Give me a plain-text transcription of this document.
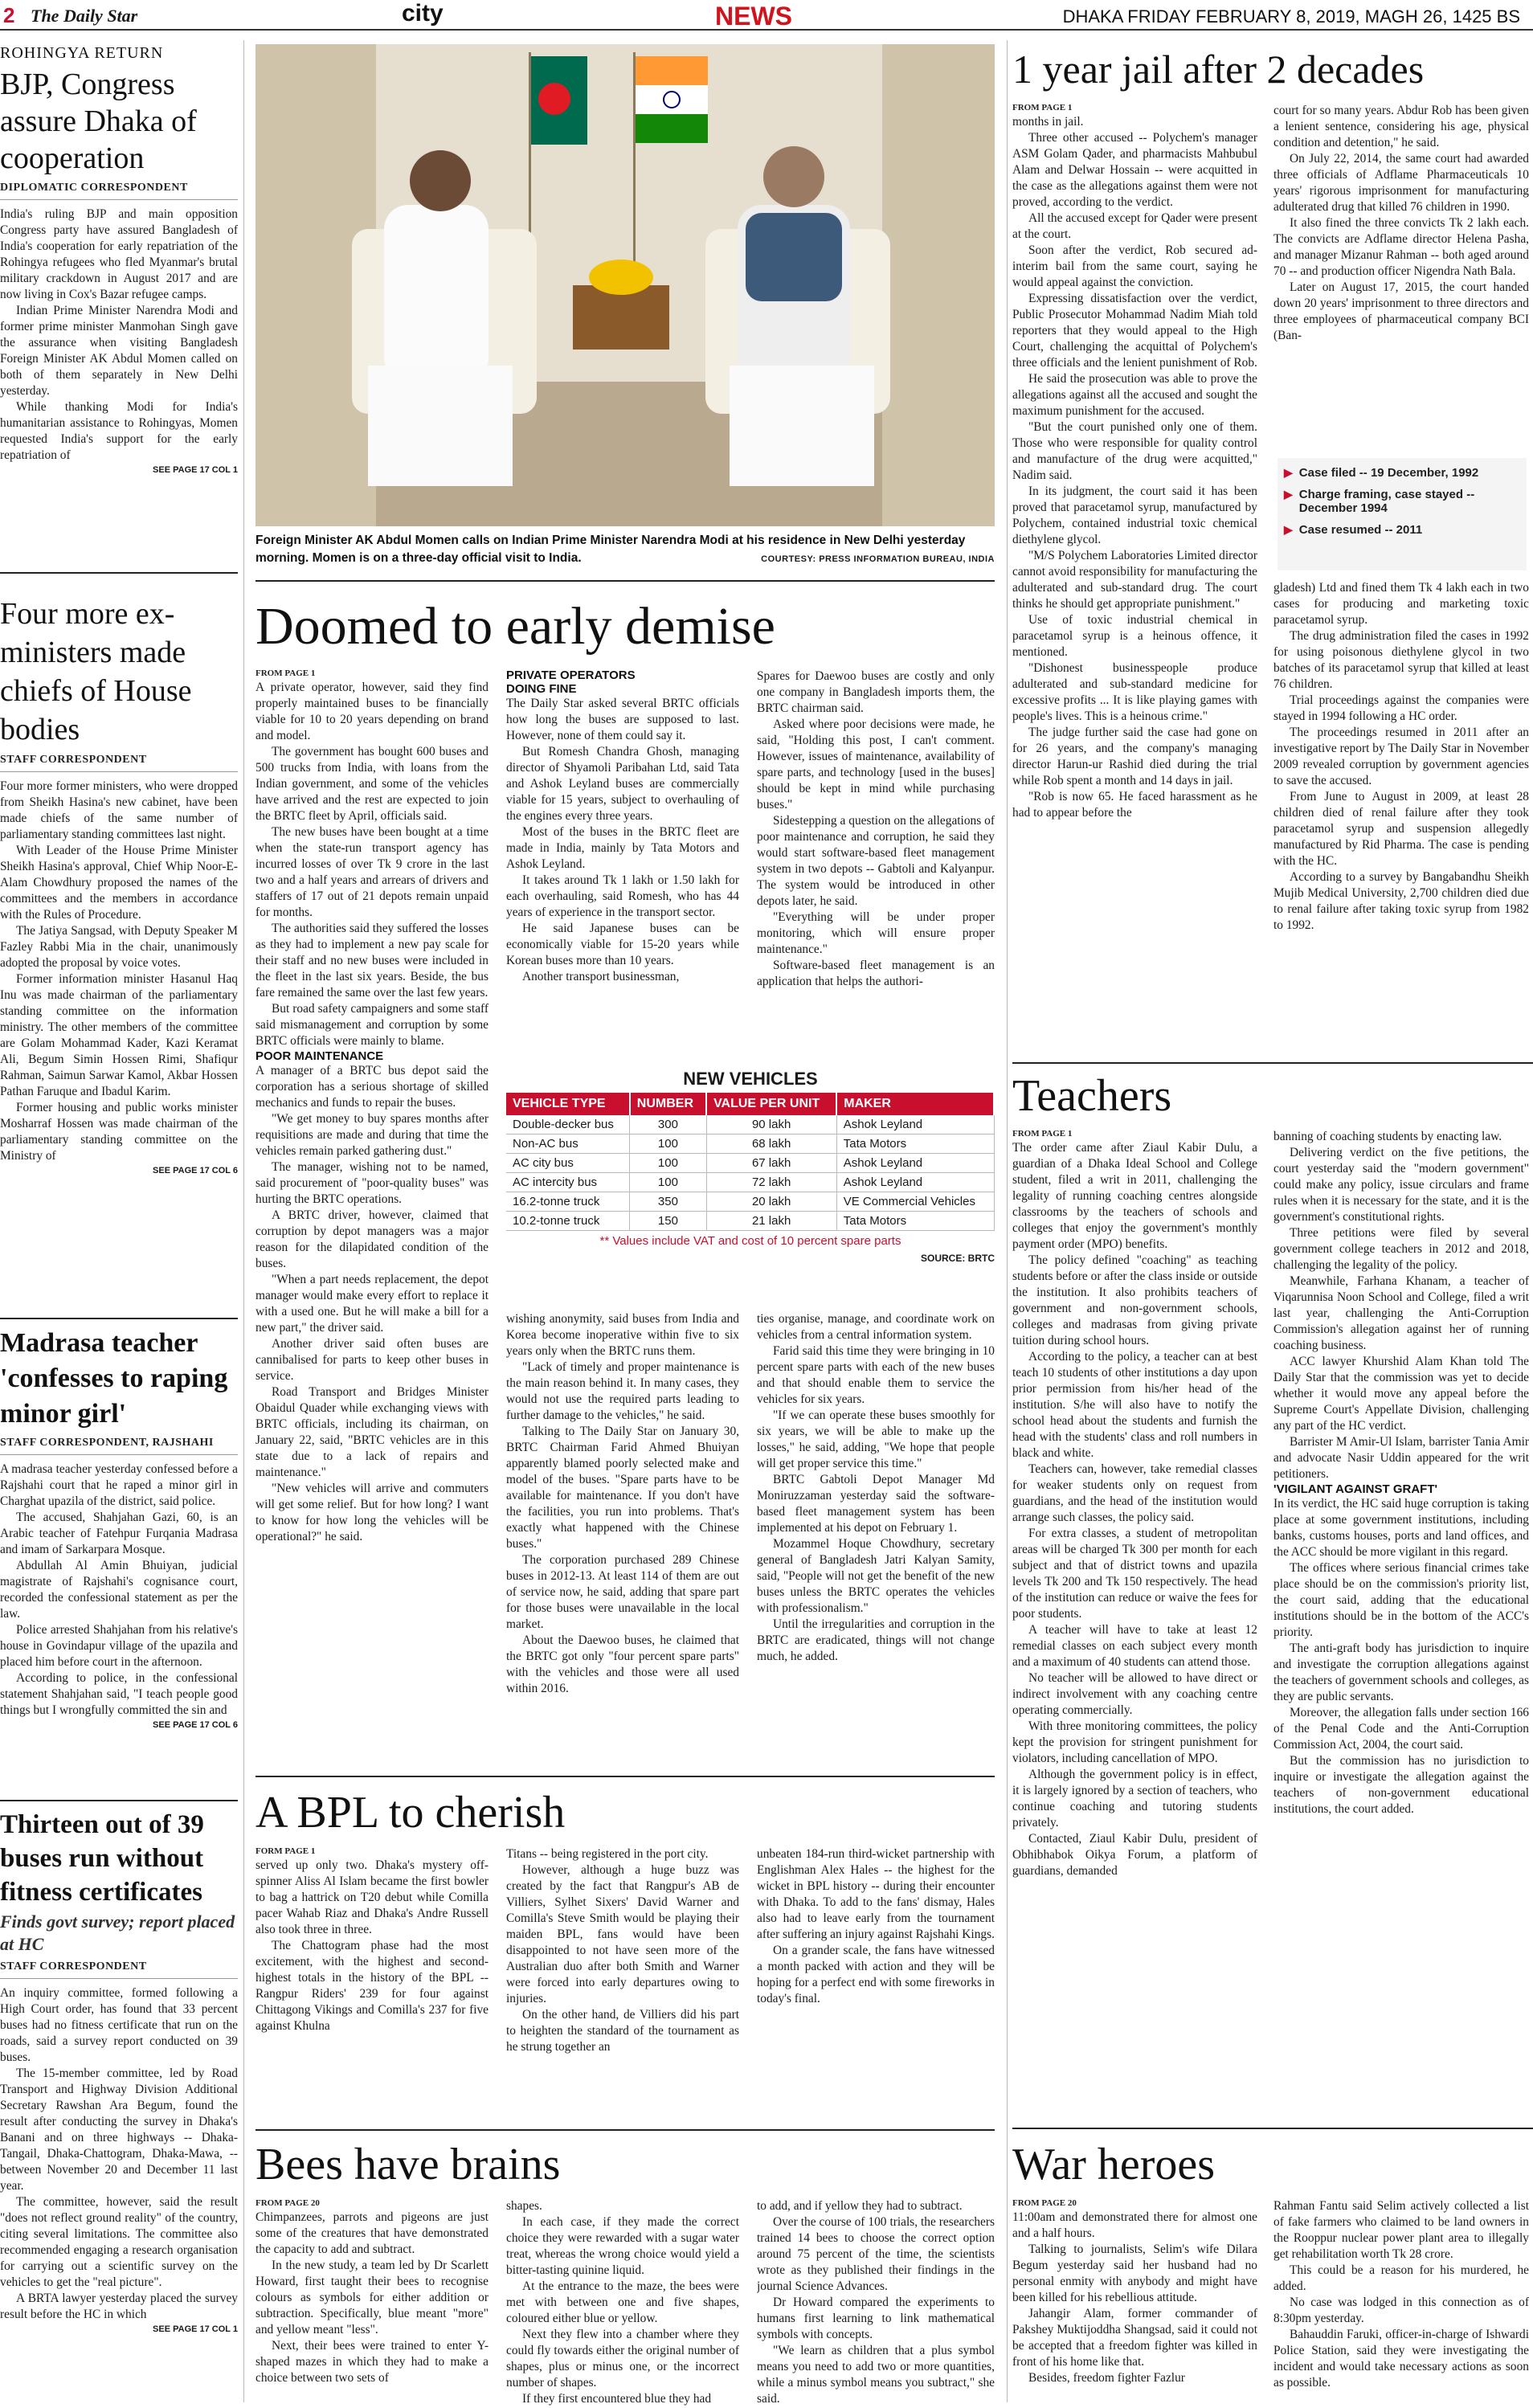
2 The Daily Star	city	NEWS	DHAKA FRIDAY FEBRUARY 8, 2019, MAGH 26, 1425 BS
ROHINGYA RETURN
BJP, Congress assure Dhaka of cooperation
DIPLOMATIC CORRESPONDENT

India's ruling BJP and main opposition Congress party have assured Bangladesh of India's cooperation for early repatriation of the Rohingya refugees who fled Myanmar's brutal military crackdown in August 2017 and are now living in Cox's Bazar refugee camps.

Indian Prime Minister Narendra Modi and former prime minister Manmohan Singh gave the assurance when visiting Bangladesh Foreign Minister AK Abdul Momen called on both of them separately in New Delhi yesterday.

While thanking Modi for India's humanitarian assistance to Rohingyas, Momen requested India's support for the early repatriation of

SEE PAGE 17 COL 1
Foreign Minister AK Abdul Momen calls on Indian Prime Minister Narendra Modi at his residence in New Delhi yesterday morning. Momen is on a three-day official visit to India.	COURTESY: PRESS INFORMATION BUREAU, INDIA
1 year jail after 2 decades
FROM PAGE 1

months in jail.

Three other accused -- Polychem's manager ASM Golam Qader, and pharmacists Mahbubul Alam and Delwar Hossain -- were acquitted in the case as the allegations against them were not proved, according to the verdict.

All the accused except for Qader were present at the court.

Soon after the verdict, Rob secured ad-interim bail from the same court, saying he would appeal against the conviction.

Expressing dissatisfaction over the verdict, Public Prosecutor Mohammad Nadim Miah told reporters that they would appeal to the High Court, challenging the acquittal of Polychem's three officials and the lenient punishment of Rob.

He said the prosecution was able to prove the allegations against all the accused and sought the maximum punishment for the accused.

"But the court punished only one of them. Those who were responsible for quality control and manufacture of the drug were acquitted," Nadim said.

In its judgment, the court said it has been proved that paracetamol syrup, manufactured by Polychem, contained industrial toxic chemical diethylene glycol.

"M/S Polychem Laboratories Limited director cannot avoid responsibility for manufacturing the adulterated and sub-standard drug. The court thinks he should get appropriate punishment."

Use of toxic industrial chemical in paracetamol syrup is a heinous offence, it mentioned.

"Dishonest businesspeople produce adulterated and sub-standard medicine for excessive profits ... It is like playing games with people's lives. This is a heinous crime."

The judge further said the case had gone on for 26 years, and the company's managing director Harun-ur Rashid died during the trial while Rob spent a month and 14 days in jail.

"Rob is now 65. He faced harassment as he had to appear before the

court for so many years. Abdur Rob has been given a lenient sentence, considering his age, physical condition and detention," he said.

On July 22, 2014, the same court had awarded three officials of Adflame Pharmaceuticals 10 years' rigorous imprisonment for manufacturing adulterated drug that killed 76 children in 1990.

It also fined the three convicts Tk 2 lakh each. The convicts are Adflame director Helena Pasha, and manager Mizanur Rahman -- both aged around 70 -- and production officer Nigendra Nath Bala.

Later on August 17, 2015, the court handed down 20 years' imprisonment to three directors and three employees of pharmaceutical company BCI (Ban-

▶ Case filed -- 19 December, 1992
▶ Charge framing, case stayed -- December 1994
▶ Case resumed -- 2011

gladesh) Ltd and fined them Tk 4 lakh each in two cases for producing and marketing toxic paracetamol syrup.

The drug administration filed the cases in 1992 for using poisonous diethylene glycol in two batches of its paracetamol syrup that killed at least 76 children.

Trial proceedings against the companies were stayed in 1994 following a HC order.

The proceedings resumed in 2011 after an investigative report by The Daily Star in November 2009 revealed corruption by government agencies to save the accused.

From June to August in 2009, at least 28 children died of renal failure after they took paracetamol syrup and suspension allegedly manufactured by Rid Pharma. The case is pending with the HC.

According to a survey by Bangabandhu Sheikh Mujib Medical University, 2,700 children died due to renal failure after taking toxic syrup from 1982 to 1992.

Four more ex-ministers made chiefs of House bodies
STAFF CORRESPONDENT

Four more former ministers, who were dropped from Sheikh Hasina's new cabinet, have been made chiefs of the same number of parliamentary standing committees last night.

With Leader of the House Prime Minister Sheikh Hasina's approval, Chief Whip Noor-E-Alam Chowdhury proposed the names of the committees and the members in accordance with the Rules of Procedure.

The Jatiya Sangsad, with Deputy Speaker M Fazley Rabbi Mia in the chair, unanimously adopted the proposal by voice votes.

Former information minister Hasanul Haq Inu was made chairman of the parliamentary standing committee on the information ministry. The other members of the committee are Golam Mohammad Kader, Kazi Keramat Ali, Begum Simin Hossen Rimi, Shafiqur Rahman, Saimun Sarwar Kamol, Akbar Hossen Pathan Faruque and Ibadul Karim.

Former housing and public works minister Mosharraf Hossen was made chairman of the parliamentary standing committee on the Ministry of

SEE PAGE 17 COL 6
Madrasa teacher 'confesses to raping minor girl'
STAFF CORRESPONDENT, RAJSHAHI

A madrasa teacher yesterday confessed before a Rajshahi court that he raped a minor girl in Charghat upazila of the district, said police.

The accused, Shahjahan Gazi, 60, is an Arabic teacher of Fatehpur Furqania Madrasa and imam of Sarkarpara Mosque.

Abdullah Al Amin Bhuiyan, judicial magistrate of Rajshahi's cognisance court, recorded the confessional statement as per the law.

Police arrested Shahjahan from his relative's house in Govindapur village of the upazila and placed him before court in the afternoon.

According to police, in the confessional statement Shahjahan said, "I teach people good things but I wrongfully committed the sin and

SEE PAGE 17 COL 6
Thirteen out of 39 buses run without fitness certificates
Finds govt survey; report placed at HC
STAFF CORRESPONDENT

An inquiry committee, formed following a High Court order, has found that 33 percent buses had no fitness certificate that run on the roads, said a survey report conducted on 39 buses.

The 15-member committee, led by Road Transport and Highway Division Additional Secretary Rawshan Ara Begum, found the result after conducting the survey in Dhaka's Banani and on three highways -- Dhaka-Tangail, Dhaka-Chattogram, Dhaka-Mawa, -- between November 20 and December 11 last year.

The committee, however, said the result "does not reflect ground reality" of the country, citing several limitations. The committee also recommended engaging a research organisation for carrying out a scientific survey on the vehicles to get the "real picture".

A BRTA lawyer yesterday placed the survey result before the HC in which

SEE PAGE 17 COL 1
Doomed to early demise
FROM PAGE 1

A private operator, however, said they find properly maintained buses to be financially viable for 10 to 20 years depending on brand and model.

The government has bought 600 buses and 500 trucks from India, with loans from the Indian government, and some of the vehicles have arrived and the rest are expected to join the BRTC fleet by April, officials said.

The new buses have been bought at a time when the state-run transport agency has incurred losses of over Tk 9 crore in the last two and a half years and arrears of drivers and staffers of 17 out of 21 depots remain unpaid for months.

The authorities said they suffered the losses as they had to implement a new pay scale for their staff and no new buses were included in the fleet in the last six years. Beside, the bus fare remained the same over the last few years.

But road safety campaigners and some staff said mismanagement and corruption by some BRTC officials were mainly to blame.

POOR MAINTENANCE

A manager of a BRTC bus depot said the corporation has a serious shortage of skilled mechanics and funds to repair the buses.

"We get money to buy spares months after requisitions are made and during that time the vehicles remain parked gathering dust."

The manager, wishing not to be named, said procurement of "poor-quality buses" was hurting the BRTC operations.

A BRTC driver, however, claimed that corruption by depot managers was a major reason for the dilapidated condition of the buses.

"When a part needs replacement, the depot manager would make every effort to replace it with a used one. But he will make a bill for a new part," the driver said.

Another driver said often buses are cannibalised for parts to keep other buses in service.

Road Transport and Bridges Minister Obaidul Quader while exchanging views with BRTC officials, including its chairman, on January 22, said, "BRTC vehicles are in this state due to a lack of repairs and maintenance."

"New vehicles will arrive and commuters will get some relief. But for how long? I want to know for how long the vehicles will be operational?" he said.

PRIVATE OPERATORS
DOING FINE

The Daily Star asked several BRTC officials how long the buses are supposed to last. However, none of them could say it.

But Romesh Chandra Ghosh, managing director of Shyamoli Paribahan Ltd, said Tata and Ashok Leyland buses are commercially viable for 15 years, subject to overhauling of the engines every three years.

Most of the buses in the BRTC fleet are made in India, mainly by Tata Motors and Ashok Leyland.

It takes around Tk 1 lakh or 1.50 lakh for each overhauling, said Romesh, who has 44 years of experience in the transport sector.

He said Japanese buses can be economically viable for 15-20 years while Korean buses more than 10 years.

Another transport businessman,

Spares for Daewoo buses are costly and only one company in Bangladesh imports them, the BRTC chairman said.

Asked where poor decisions were made, he said, "Holding this post, I can't comment. However, issues of maintenance, availability of spare parts, and technology [used in the buses] should be kept in mind while purchasing buses."

Sidestepping a question on the allegations of poor maintenance and corruption, he said they would start software-based fleet management system in two depots -- Gabtoli and Kalyanpur. The system would be introduced in other depots later, he said.

"Everything will be under proper monitoring, which will ensure proper maintenance."

Software-based fleet management is an application that helps the authori-

NEW VEHICLES
VEHICLE TYPE	NUMBER	VALUE PER UNIT	MAKER
Double-decker bus	300	90 lakh	Ashok Leyland
Non-AC bus	100	68 lakh	Tata Motors
AC city bus	100	67 lakh	Ashok Leyland
AC intercity bus	100	72 lakh	Ashok Leyland
16.2-tonne truck	350	20 lakh	VE Commercial Vehicles
10.2-tonne truck	150	21 lakh	Tata Motors
** Values include VAT and cost of 10 percent spare parts
SOURCE: BRTC

wishing anonymity, said buses from India and Korea become inoperative within five to six years only when the BRTC runs them.

"Lack of timely and proper maintenance is the main reason behind it. In many cases, they would not use the required parts leading to further damage to the vehicles," he said.

Talking to The Daily Star on January 30, BRTC Chairman Farid Ahmed Bhuiyan apparently blamed poorly selected make and model of the buses. "Spare parts have to be available for maintenance. If you don't have the facilities, you run into problems. That's exactly what happened with the Chinese buses."

The corporation purchased 289 Chinese buses in 2012-13. At least 114 of them are out of service now, he said, adding that spare part for those buses were unavailable in the local market.

About the Daewoo buses, he claimed that the BRTC got only "four percent spare parts" with the vehicles and those were all used within 2016.

ties organise, manage, and coordinate work on vehicles from a central information system.

Farid said this time they were bringing in 10 percent spare parts with each of the new buses and that should enable them to service the vehicles for six years.

"If we can operate these buses smoothly for six years, we will be able to make up the losses," he said, adding, "We hope that people will get proper service this time."

BRTC Gabtoli Depot Manager Md Moniruzzaman yesterday said the software-based fleet management system has been implemented at his depot on February 1.

Mozammel Hoque Chowdhury, secretary general of Bangladesh Jatri Kalyan Samity, said, "People will not get the benefit of the new buses unless the BRTC operates the vehicles with professionalism."

Until the irregularities and corruption in the BRTC are eradicated, things will not change much, he added.

Teachers
FROM PAGE 1

The order came after Ziaul Kabir Dulu, a guardian of a Dhaka Ideal School and College student, filed a writ in 2011, challenging the legality of running coaching centres alongside classrooms by the teachers of schools and colleges that enjoy the government's monthly payment order (MPO) benefits.

The policy defined "coaching" as teaching students before or after the class inside or outside the institution. It also prohibits teachers of government and non-government schools, colleges and madrasas from giving private tuition during school hours.

According to the policy, a teacher can at best teach 10 students of other institutions a day upon prior permission from his/her head of the institution. S/he will also have to notify the school head about the students and furnish the head with the students' class and roll numbers in black and white.

Teachers can, however, take remedial classes for weaker students only on request from guardians, and the head of the institution would arrange such classes, the policy said.

For extra classes, a student of metropolitan areas will be charged Tk 300 per month for each subject and that of district towns and upazila levels Tk 200 and Tk 150 respectively. The head of the institution can reduce or waive the fees for poor students.

A teacher will have to take at least 12 remedial classes on each subject every month and a maximum of 40 students can attend those.

No teacher will be allowed to have direct or indirect involvement with any coaching centre operating commercially.

With three monitoring committees, the policy kept the provision for stringent punishment for violators, including cancellation of MPO.

Although the government policy is in effect, it is largely ignored by a section of teachers, who continue coaching and tutoring students privately.

Contacted, Ziaul Kabir Dulu, president of Obhibhabok Oikya Forum, a platform of guardians, demanded

banning of coaching students by enacting law.

Delivering verdict on the five petitions, the court yesterday said the "modern government" could make any policy, issue circulars and frame rules when it is necessary for the state, and it is the government's constitutional rights.

Three petitions were filed by several government college teachers in 2012 and 2018, challenging the legality of the policy.

Meanwhile, Farhana Khanam, a teacher of Viqarunnisa Noon School and College, filed a writ last year, challenging the Anti-Corruption Commission's allegation against her of running coaching business.

ACC lawyer Khurshid Alam Khan told The Daily Star that the commission was yet to decide whether it would move any appeal before the Supreme Court's Appellate Division, challenging any part of the HC verdict.

Barrister M Amir-Ul Islam, barrister Tania Amir and advocate Nasir Uddin appeared for the writ petitioners.

'VIGILANT AGAINST GRAFT'

In its verdict, the HC said huge corruption is taking place at some government institutions, including banks, customs houses, ports and land offices, and the ACC should be more vigilant in this regard.

The offices where serious financial crimes take place should be on the commission's priority list, the court said, adding that the educational institutions should be in the bottom of the ACC's priority.

The anti-graft body has jurisdiction to inquire and investigate the corruption allegations against the teachers of government schools and colleges, as they are public servants.

Moreover, the allegation falls under section 166 of the Penal Code and the Anti-Corruption Commission Act, 2004, the court said.

But the commission has no jurisdiction to inquire or investigate the allegation against the teachers of non-government educational institutions, the court added.

A BPL to cherish
FORM PAGE 1

served up only two. Dhaka's mystery off-spinner Aliss Al Islam became the first bowler to bag a hattrick on T20 debut while Comilla pacer Wahab Riaz and Dhaka's Andre Russell also took three in three.

The Chattogram phase had the most excitement, with the highest and second-highest totals in the history of the BPL -- Rangpur Riders' 239 for four against Chittagong Vikings and Comilla's 237 for five against Khulna

Titans -- being registered in the port city.

However, although a huge buzz was created by the fact that Rangpur's AB de Villiers, Sylhet Sixers' David Warner and Comilla's Steve Smith would be playing their maiden BPL, fans would have been disappointed to not have seen more of the Australian duo after both Smith and Warner were forced into early departures owing to injuries.

On the other hand, de Villiers did his part to heighten the standard of the tournament as he strung together an

unbeaten 184-run third-wicket partnership with Englishman Alex Hales -- the highest for the wicket in BPL history -- during their encounter with Dhaka. To add to the fans' dismay, Hales also had to leave early from the tournament after suffering an injury against Rajshahi Kings.

On a grander scale, the fans have witnessed a month packed with action and they will be hoping for a perfect end with some fireworks in today's final.

Bees have brains
FROM PAGE 20

Chimpanzees, parrots and pigeons are just some of the creatures that have demonstrated the capacity to add and subtract.

In the new study, a team led by Dr Scarlett Howard, first taught their bees to recognise colours as symbols for either addition or subtraction. Specifically, blue meant "more" and yellow meant "less".

Next, their bees were trained to enter Y-shaped mazes in which they had to make a choice between two sets of

shapes.

In each case, if they made the correct choice they were rewarded with a sugar water treat, whereas the wrong choice would yield a bitter-tasting quinine liquid.

At the entrance to the maze, the bees were met with between one and five shapes, coloured either blue or yellow.

Next they flew into a chamber where they could fly towards either the original number of shapes, plus or minus one, or the incorrect number of shapes.

If they first encountered blue they had

to add, and if yellow they had to subtract.

Over the course of 100 trials, the researchers trained 14 bees to choose the correct option around 75 percent of the time, the scientists wrote as they published their findings in the journal Science Advances.

Dr Howard compared the experiments to humans first learning to link mathematical symbols with concepts.

"We learn as children that a plus symbol means you need to add two or more quantities, while a minus symbol means you subtract," she said.

War heroes
FROM PAGE 20

11:00am and demonstrated there for almost one and a half hours.

Talking to journalists, Selim's wife Dilara Begum yesterday said her husband had no personal enmity with anybody and might have been killed for his rebellious attitude.

Jahangir Alam, former commander of Pakshey Muktijoddha Shangsad, said it could not be accepted that a freedom fighter was killed in front of his home like that.

Besides, freedom fighter Fazlur

Rahman Fantu said Selim actively collected a list of fake farmers who claimed to be land owners in the Rooppur nuclear power plant area to illegally get rehabilitation worth Tk 28 crore.

This could be a reason for his murdered, he added.

No case was lodged in this connection as of 8:30pm yesterday.

Bahauddin Faruki, officer-in-charge of Ishwardi Police Station, said they were investigating the incident and would take necessary actions as soon as possible.
